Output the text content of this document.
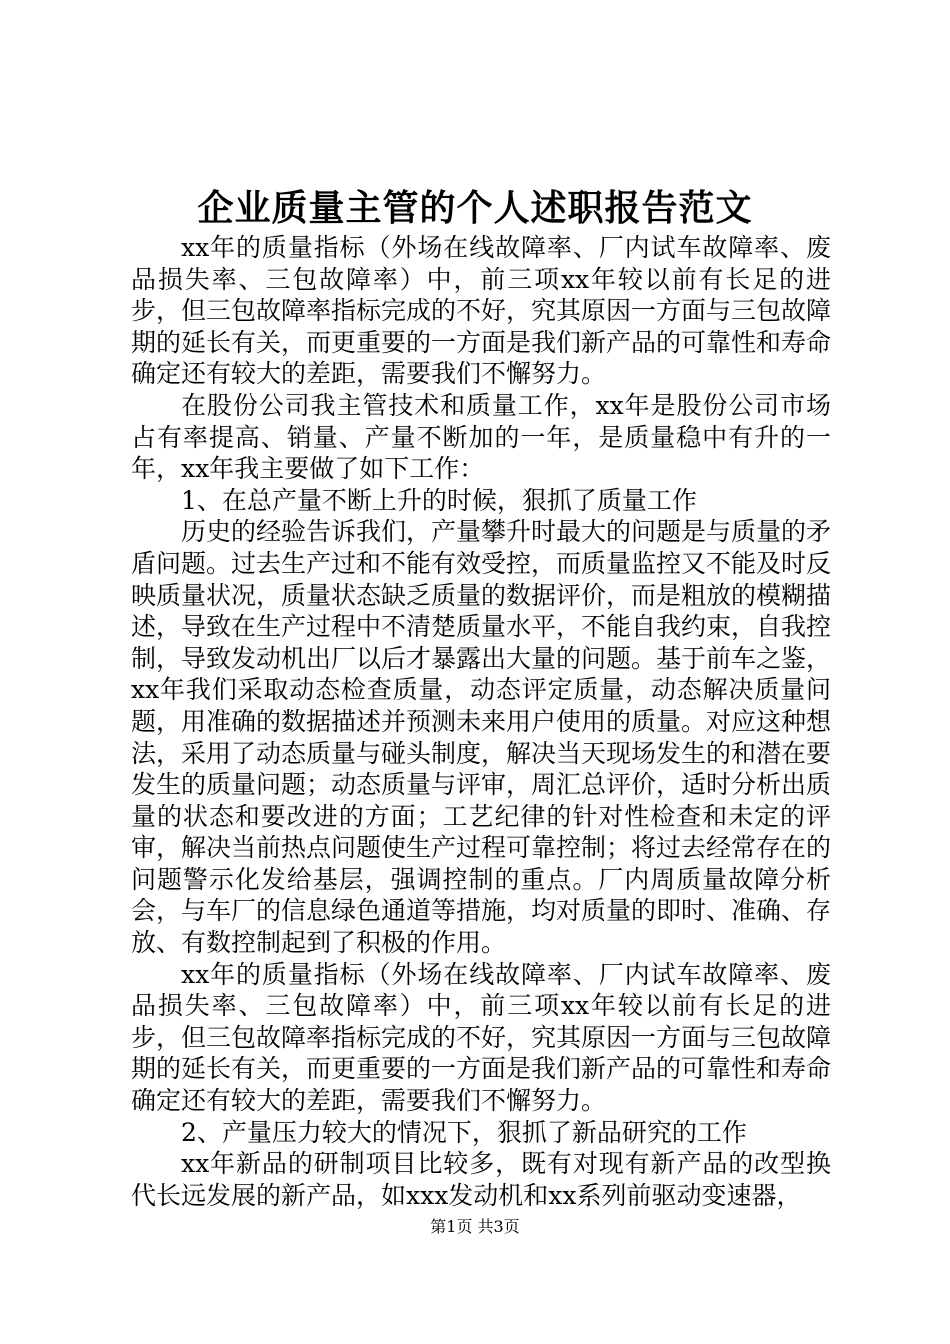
企业质量主管的个人述职报告范文

xx年的质量指标（外场在线故障率、厂内试车故障率、废品损失率、三包故障率）中，前三项xx年较以前有长足的进步，但三包故障率指标完成的不好，究其原因一方面与三包故障期的延长有关，而更重要的一方面是我们新产品的可靠性和寿命确定还有较大的差距，需要我们不懈努力。

在股份公司我主管技术和质量工作，xx年是股份公司市场占有率提高、销量、产量不断加的一年，是质量稳中有升的一年，xx年我主要做了如下工作：

1、在总产量不断上升的时候，狠抓了质量工作

历史的经验告诉我们，产量攀升时最大的问题是与质量的矛盾问题。过去生产过和不能有效受控，而质量监控又不能及时反映质量状况，质量状态缺乏质量的数据评价，而是粗放的模糊描述，导致在生产过程中不清楚质量水平，不能自我约束，自我控制，导致发动机出厂以后才暴露出大量的问题。基于前车之鉴，xx年我们采取动态检查质量，动态评定质量，动态解决质量问题，用准确的数据描述并预测未来用户使用的质量。对应这种想法，采用了动态质量与碰头制度，解决当天现场发生的和潜在要发生的质量问题；动态质量与评审，周汇总评价，适时分析出质量的状态和要改进的方面；工艺纪律的针对性检查和未定的评审，解决当前热点问题使生产过程可靠控制；将过去经常存在的问题警示化发给基层，强调控制的重点。厂内周质量故障分析会，与车厂的信息绿色通道等措施，均对质量的即时、准确、存放、有数控制起到了积极的作用。

xx年的质量指标（外场在线故障率、厂内试车故障率、废品损失率、三包故障率）中，前三项xx年较以前有长足的进步，但三包故障率指标完成的不好，究其原因一方面与三包故障期的延长有关，而更重要的一方面是我们新产品的可靠性和寿命确定还有较大的差距，需要我们不懈努力。

2、产量压力较大的情况下，狠抓了新品研究的工作

xx年新品的研制项目比较多，既有对现有新产品的改型换代长远发展的新产品，如xxx发动机和xx系列前驱动变速器，

第1页 共3页
